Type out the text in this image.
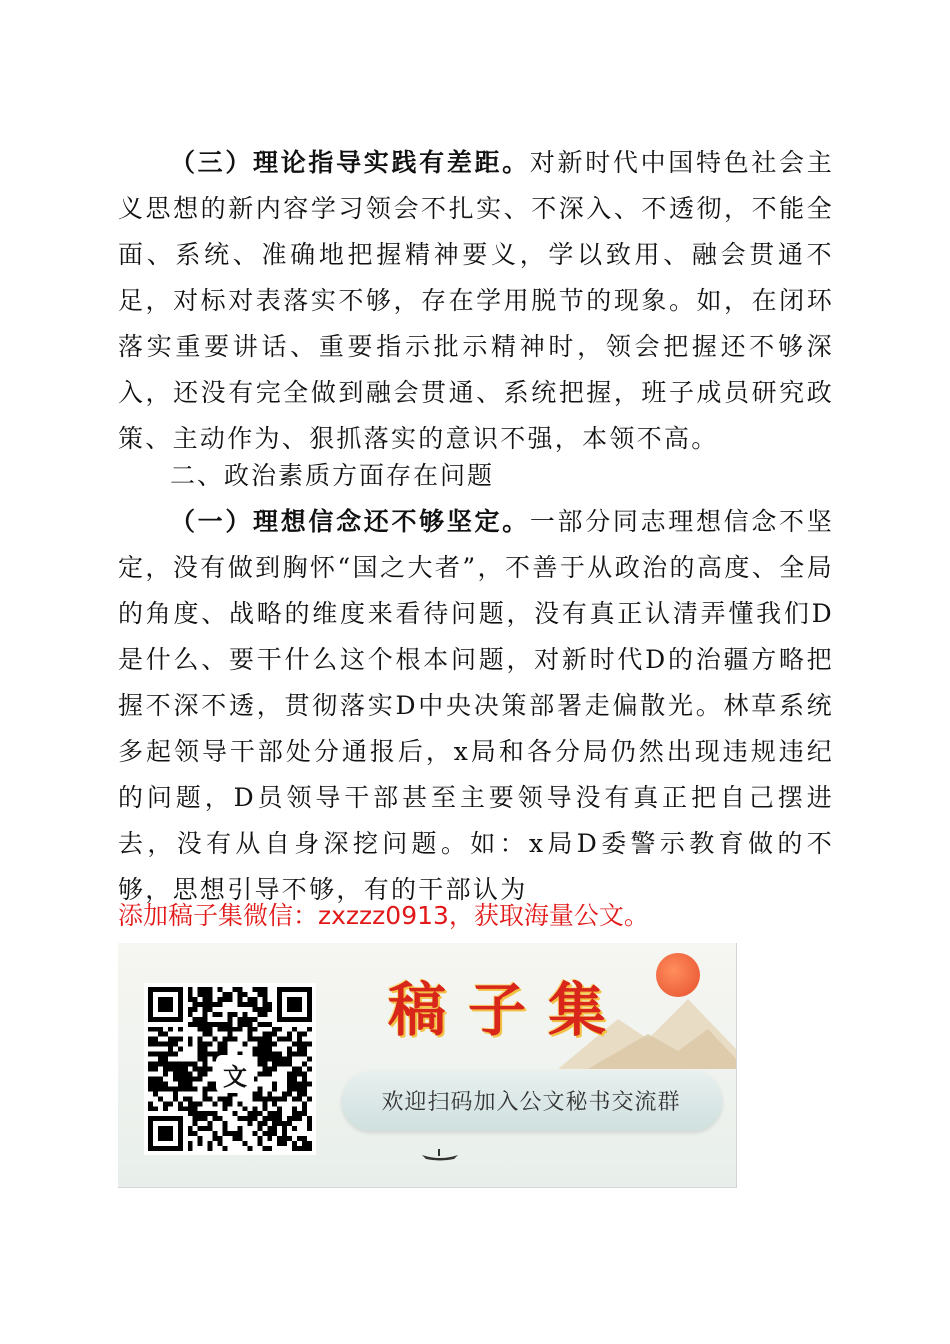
（三）理论指导实践有差距。对新时代中国特色社会主义思想的新内容学习领会不扎实、不深入、不透彻，不能全面、系统、准确地把握精神要义，学以致用、融会贯通不足，对标对表落实不够，存在学用脱节的现象。如，在闭环落实重要讲话、重要指示批示精神时，领会把握还不够深入，还没有完全做到融会贯通、系统把握，班子成员研究政策、主动作为、狠抓落实的意识不强，本领不高。
二、政治素质方面存在问题
（一）理想信念还不够坚定。一部分同志理想信念不坚定，没有做到胸怀“国之大者”，不善于从政治的高度、全局的角度、战略的维度来看待问题，没有真正认清弄懂我们D是什么、要干什么这个根本问题，对新时代D的治疆方略把握不深不透，贯彻落实D中央决策部署走偏散光。林草系统多起领导干部处分通报后，x局和各分局仍然出现违规违纪的问题，D员领导干部甚至主要领导没有真正把自己摆进去，没有从自身深挖问题。如：x局D委警示教育做的不够，思想引导不够，有的干部认为

添加稿子集微信：zxzzz0913，获取海量公文。

文

稿子集

欢迎扫码加入公文秘书交流群
